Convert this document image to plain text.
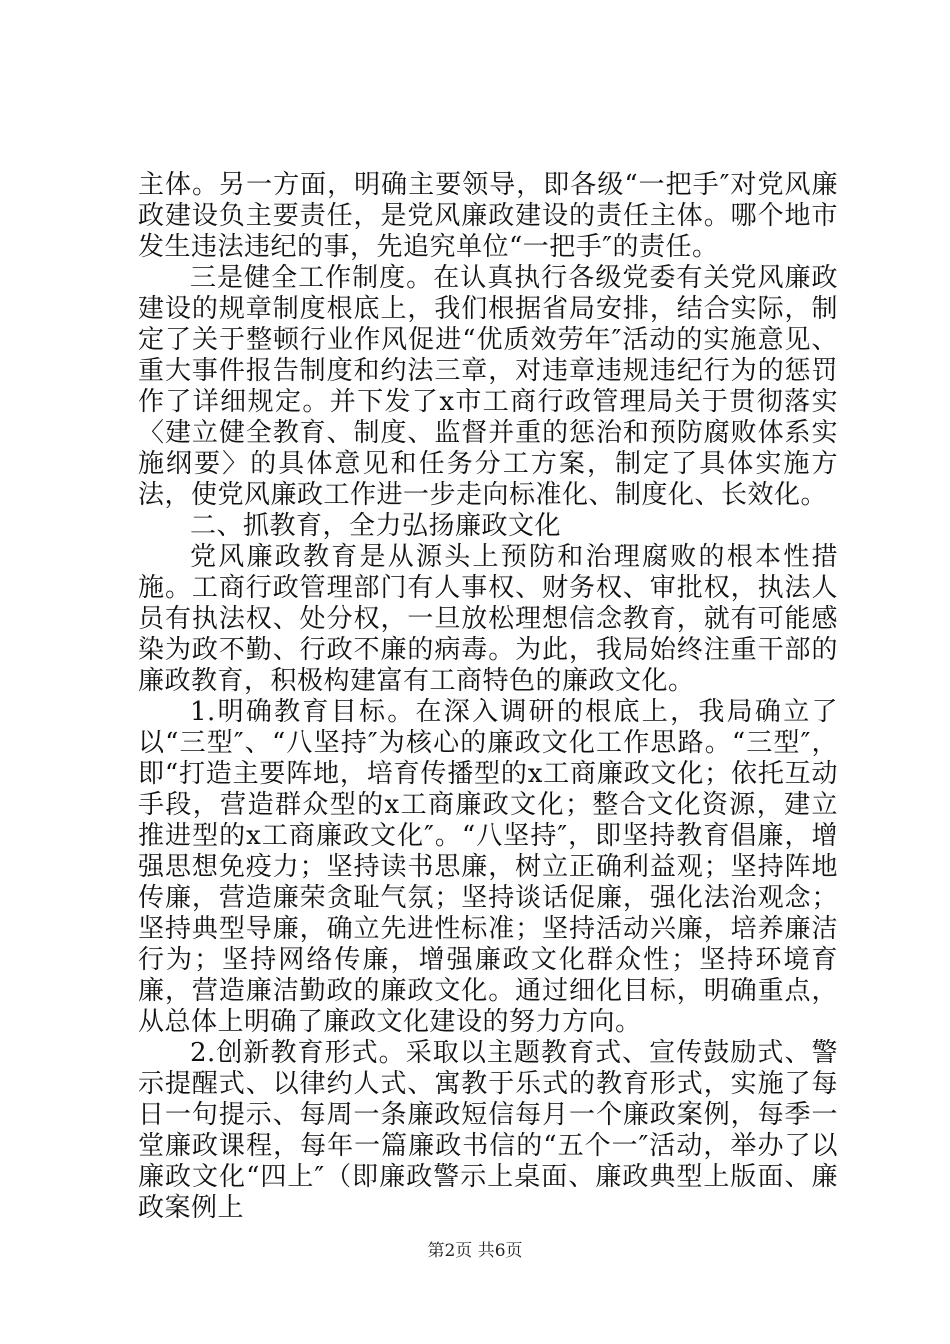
主体。另一方面，明确主要领导，即各级“一把手″对党风廉政建设负主要责任，是党风廉政建设的责任主体。哪个地市发生违法违纪的事，先追究单位“一把手″的责任。

三是健全工作制度。在认真执行各级党委有关党风廉政建设的规章制度根底上，我们根据省局安排，结合实际，制定了关于整顿行业作风促进“优质效劳年″活动的实施意见、重大事件报告制度和约法三章，对违章违规违纪行为的惩罚作了详细规定。并下发了x市工商行政管理局关于贯彻落实〈建立健全教育、制度、监督并重的惩治和预防腐败体系实施纲要〉的具体意见和任务分工方案，制定了具体实施方法，使党风廉政工作进一步走向标准化、制度化、长效化。

二、抓教育，全力弘扬廉政文化

党风廉政教育是从源头上预防和治理腐败的根本性措施。工商行政管理部门有人事权、财务权、审批权，执法人员有执法权、处分权，一旦放松理想信念教育，就有可能感染为政不勤、行政不廉的病毒。为此，我局始终注重干部的廉政教育，积极构建富有工商特色的廉政文化。

1.明确教育目标。在深入调研的根底上，我局确立了以“三型″、“八坚持″为核心的廉政文化工作思路。“三型″，即“打造主要阵地，培育传播型的x工商廉政文化；依托互动手段，营造群众型的x工商廉政文化；整合文化资源，建立推进型的x工商廉政文化″。“八坚持″，即坚持教育倡廉，增强思想免疫力；坚持读书思廉，树立正确利益观；坚持阵地传廉，营造廉荣贪耻气氛；坚持谈话促廉，强化法治观念；坚持典型导廉，确立先进性标准；坚持活动兴廉，培养廉洁行为；坚持网络传廉，增强廉政文化群众性；坚持环境育廉，营造廉洁勤政的廉政文化。通过细化目标，明确重点，从总体上明确了廉政文化建设的努力方向。

2.创新教育形式。采取以主题教育式、宣传鼓励式、警示提醒式、以律约人式、寓教于乐式的教育形式，实施了每日一句提示、每周一条廉政短信每月一个廉政案例，每季一堂廉政课程，每年一篇廉政书信的“五个一″活动，举办了以廉政文化“四上″（即廉政警示上桌面、廉政典型上版面、廉政案例上

第2页 共6页
